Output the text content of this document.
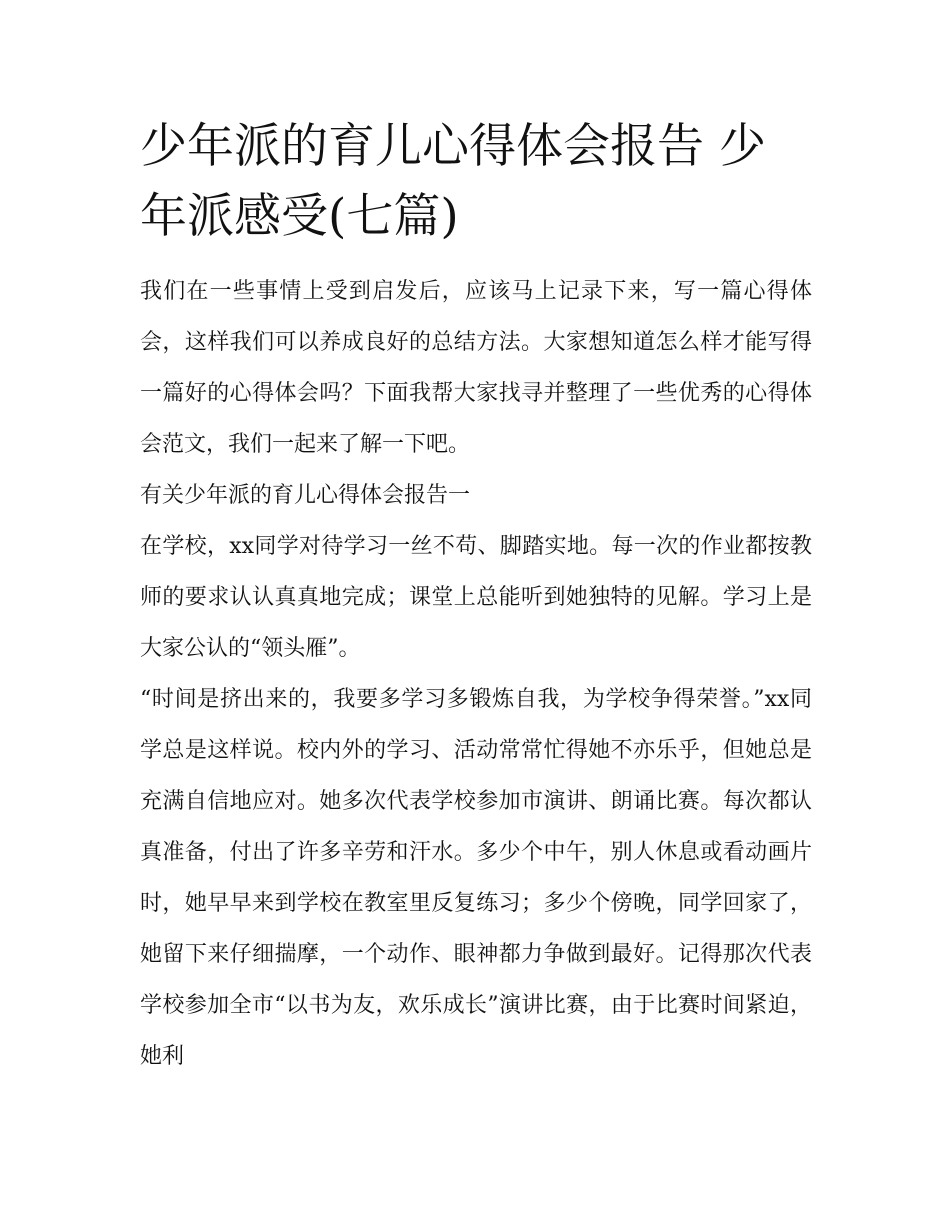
少年派的育儿心得体会报告 少年派感受(七篇)

我们在一些事情上受到启发后，应该马上记录下来，写一篇心得体会，这样我们可以养成良好的总结方法。大家想知道怎么样才能写得一篇好的心得体会吗？下面我帮大家找寻并整理了一些优秀的心得体会范文，我们一起来了解一下吧。

有关少年派的育儿心得体会报告一

在学校，xx同学对待学习一丝不苟、脚踏实地。每一次的作业都按教师的要求认认真真地完成；课堂上总能听到她独特的见解。学习上是大家公认的“领头雁”。

“时间是挤出来的，我要多学习多锻炼自我，为学校争得荣誉。”xx同学总是这样说。校内外的学习、活动常常忙得她不亦乐乎，但她总是充满自信地应对。她多次代表学校参加市演讲、朗诵比赛。每次都认真准备，付出了许多辛劳和汗水。多少个中午，别人休息或看动画片时，她早早来到学校在教室里反复练习；多少个傍晚，同学回家了，她留下来仔细揣摩，一个动作、眼神都力争做到最好。记得那次代表学校参加全市“以书为友，欢乐成长”演讲比赛，由于比赛时间紧迫，她利
